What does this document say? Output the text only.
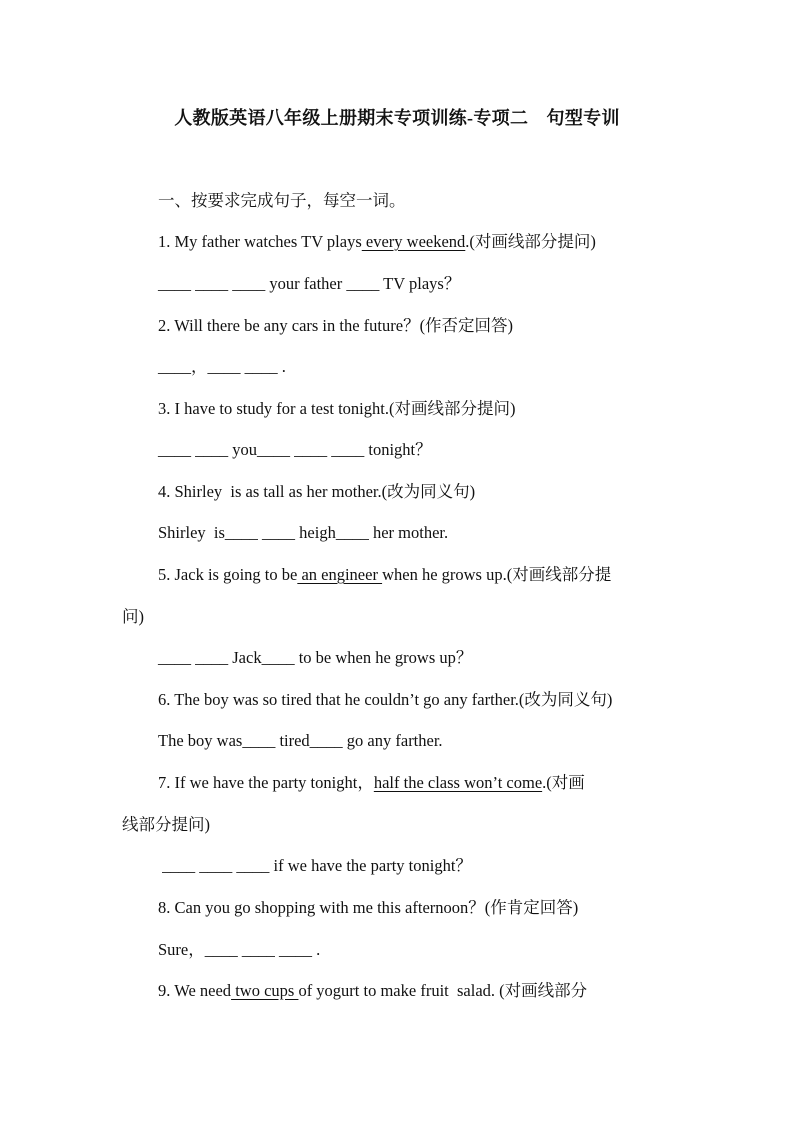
人教版英语八年级上册期末专项训练-专项二　句型专训
一、按要求完成句子，每空一词。
1. My father watches TV plays every weekend.(对画线部分提问)
____ ____ ____ your father ____ TV plays？
2. Will there be any cars in the future？(作否定回答)
____，____ ____ .
3. I have to study for a test tonight.(对画线部分提问)
____ ____ you____ ____ ____ tonight？
4. Shirley  is as tall as her mother.(改为同义句)
Shirley  is____ ____ heigh____ her mother.
5. Jack is going to be an engineer when he grows up.(对画线部分提
问)
____ ____ Jack____ to be when he grows up？
6. The boy was so tired that he couldn’t go any farther.(改为同义句)
The boy was____ tired____ go any farther.
7. If we have the party tonight，half the class won’t come.(对画
线部分提问)
____ ____ ____ if we have the party tonight？
8. Can you go shopping with me this afternoon？(作肯定回答)
Sure，____ ____ ____ .
9. We need two cups of yogurt to make fruit  salad. (对画线部分
